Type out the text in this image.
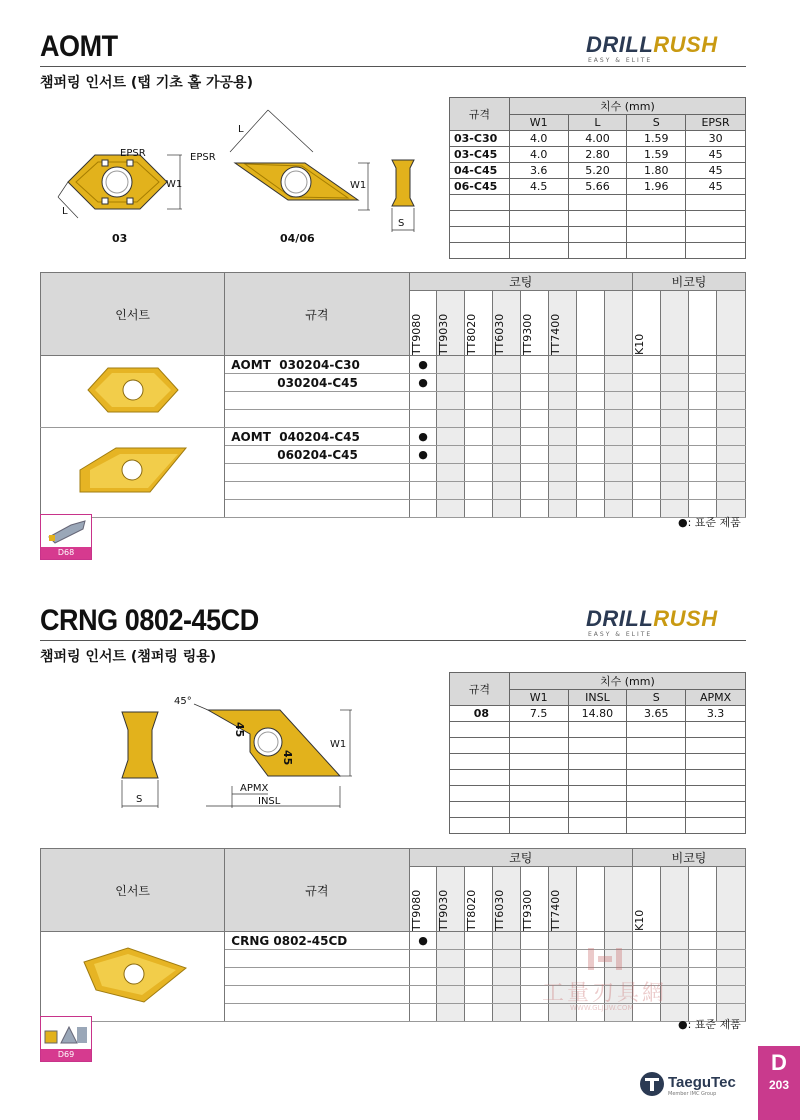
AOMT	DRILLRUSH
EASY & ELITE
챔퍼링 인서트 (탭 기초 홀 가공용)
W1
EPSR
L
03
W1
L
EPSR
04/06
S
규격	치수 (mm)			
	W1	L	S	EPSR
03-C30	4.0	4.00	1.59	30
03-C45	4.0	2.80	1.59	45
04-C45	3.6	5.20	1.80	45
06-C45	4.5	5.66	1.96	45

인서트	규격	코팅								비코팅			

		TT9080	TT9030	TT8020	TT6030	TT9300	TT7400			K10			

	AOMT 030204-C30	●											
	030204-C45	●											

	AOMT 040204-C45	●											
	060204-C45	●											

●: 표준 제품
D68
CRNG 0802-45CD	DRILLRUSH
EASY & ELITE
챔퍼링 인서트 (챔퍼링 링용)
S
45
45
45°
W1
APMX
INSL
규격	치수 (mm)			
	W1	INSL	S	APMX
08	7.5	14.80	3.65	3.3

인서트	규격	코팅								비코팅			

		TT9080	TT9030	TT8020	TT6030	TT9300	TT7400			K10			

	CRNG 0802-45CD	●											

工量刃具網
WWW.GLJUW.COM
●: 표준 제품
D69
TaeguTec
Member IMC Group
D
203
